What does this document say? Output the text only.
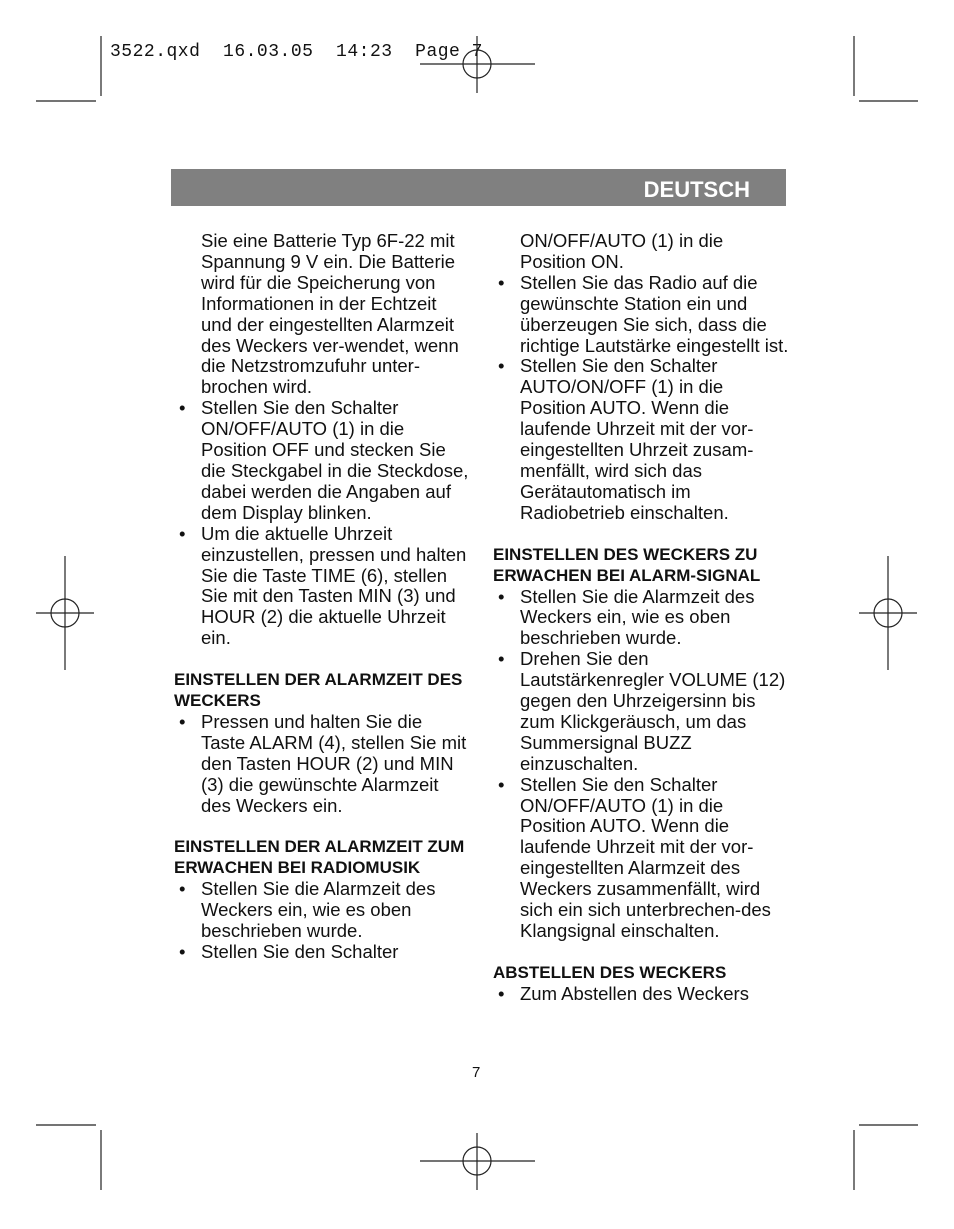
3522.qxd  16.03.05  14:23  Page 7
DEUTSCH
Sie eine Batterie Typ 6F-22 mit Spannung 9 V ein. Die Batterie wird für die Speicherung von Informationen in der Echtzeit und der eingestellten Alarmzeit des Weckers ver-wendet, wenn die Netzstromzufuhr unter-brochen wird.
• Stellen Sie den Schalter ON/OFF/AUTO (1) in die Position OFF und stecken Sie die Steckgabel in die Steckdose, dabei werden die Angaben auf dem Display blinken.
• Um die aktuelle Uhrzeit einzustellen, pressen und halten Sie die Taste TIME (6), stellen Sie mit den Tasten MIN (3) und HOUR (2) die aktuelle Uhrzeit ein.
EINSTELLEN DER ALARMZEIT DES WECKERS
• Pressen und halten Sie die Taste ALARM (4), stellen Sie mit den Tasten HOUR (2) und MIN (3) die gewünschte Alarmzeit des Weckers ein.
EINSTELLEN DER ALARMZEIT ZUM ERWACHEN BEI RADIOMUSIK
• Stellen Sie die Alarmzeit des Weckers ein, wie es oben beschrieben wurde.
• Stellen Sie den Schalter
ON/OFF/AUTO (1) in die Position ON.
• Stellen Sie das Radio auf die gewünschte Station ein und überzeugen Sie sich, dass die richtige Lautstärke eingestellt ist.
• Stellen Sie den Schalter AUTO/ON/OFF (1) in die Position AUTO. Wenn die laufende Uhrzeit mit der vor-eingestellten Uhrzeit zusam-menfällt, wird sich das Gerätautomatisch im Radiobetrieb einschalten.
EINSTELLEN DES WECKERS ZU ERWACHEN BEI ALARM-SIGNAL
• Stellen Sie die Alarmzeit des Weckers ein, wie es oben beschrieben wurde.
• Drehen Sie den Lautstärkenregler VOLUME (12) gegen den Uhrzeigersinn bis zum Klickgeräusch, um das Summersignal BUZZ einzuschalten.
• Stellen Sie den Schalter ON/OFF/AUTO (1) in die Position AUTO. Wenn die laufende Uhrzeit mit der vor-eingestellten Alarmzeit des Weckers zusammenfällt, wird sich ein sich unterbrechen-des Klangsignal einschalten.
ABSTELLEN DES WECKERS
• Zum Abstellen des Weckers
7
